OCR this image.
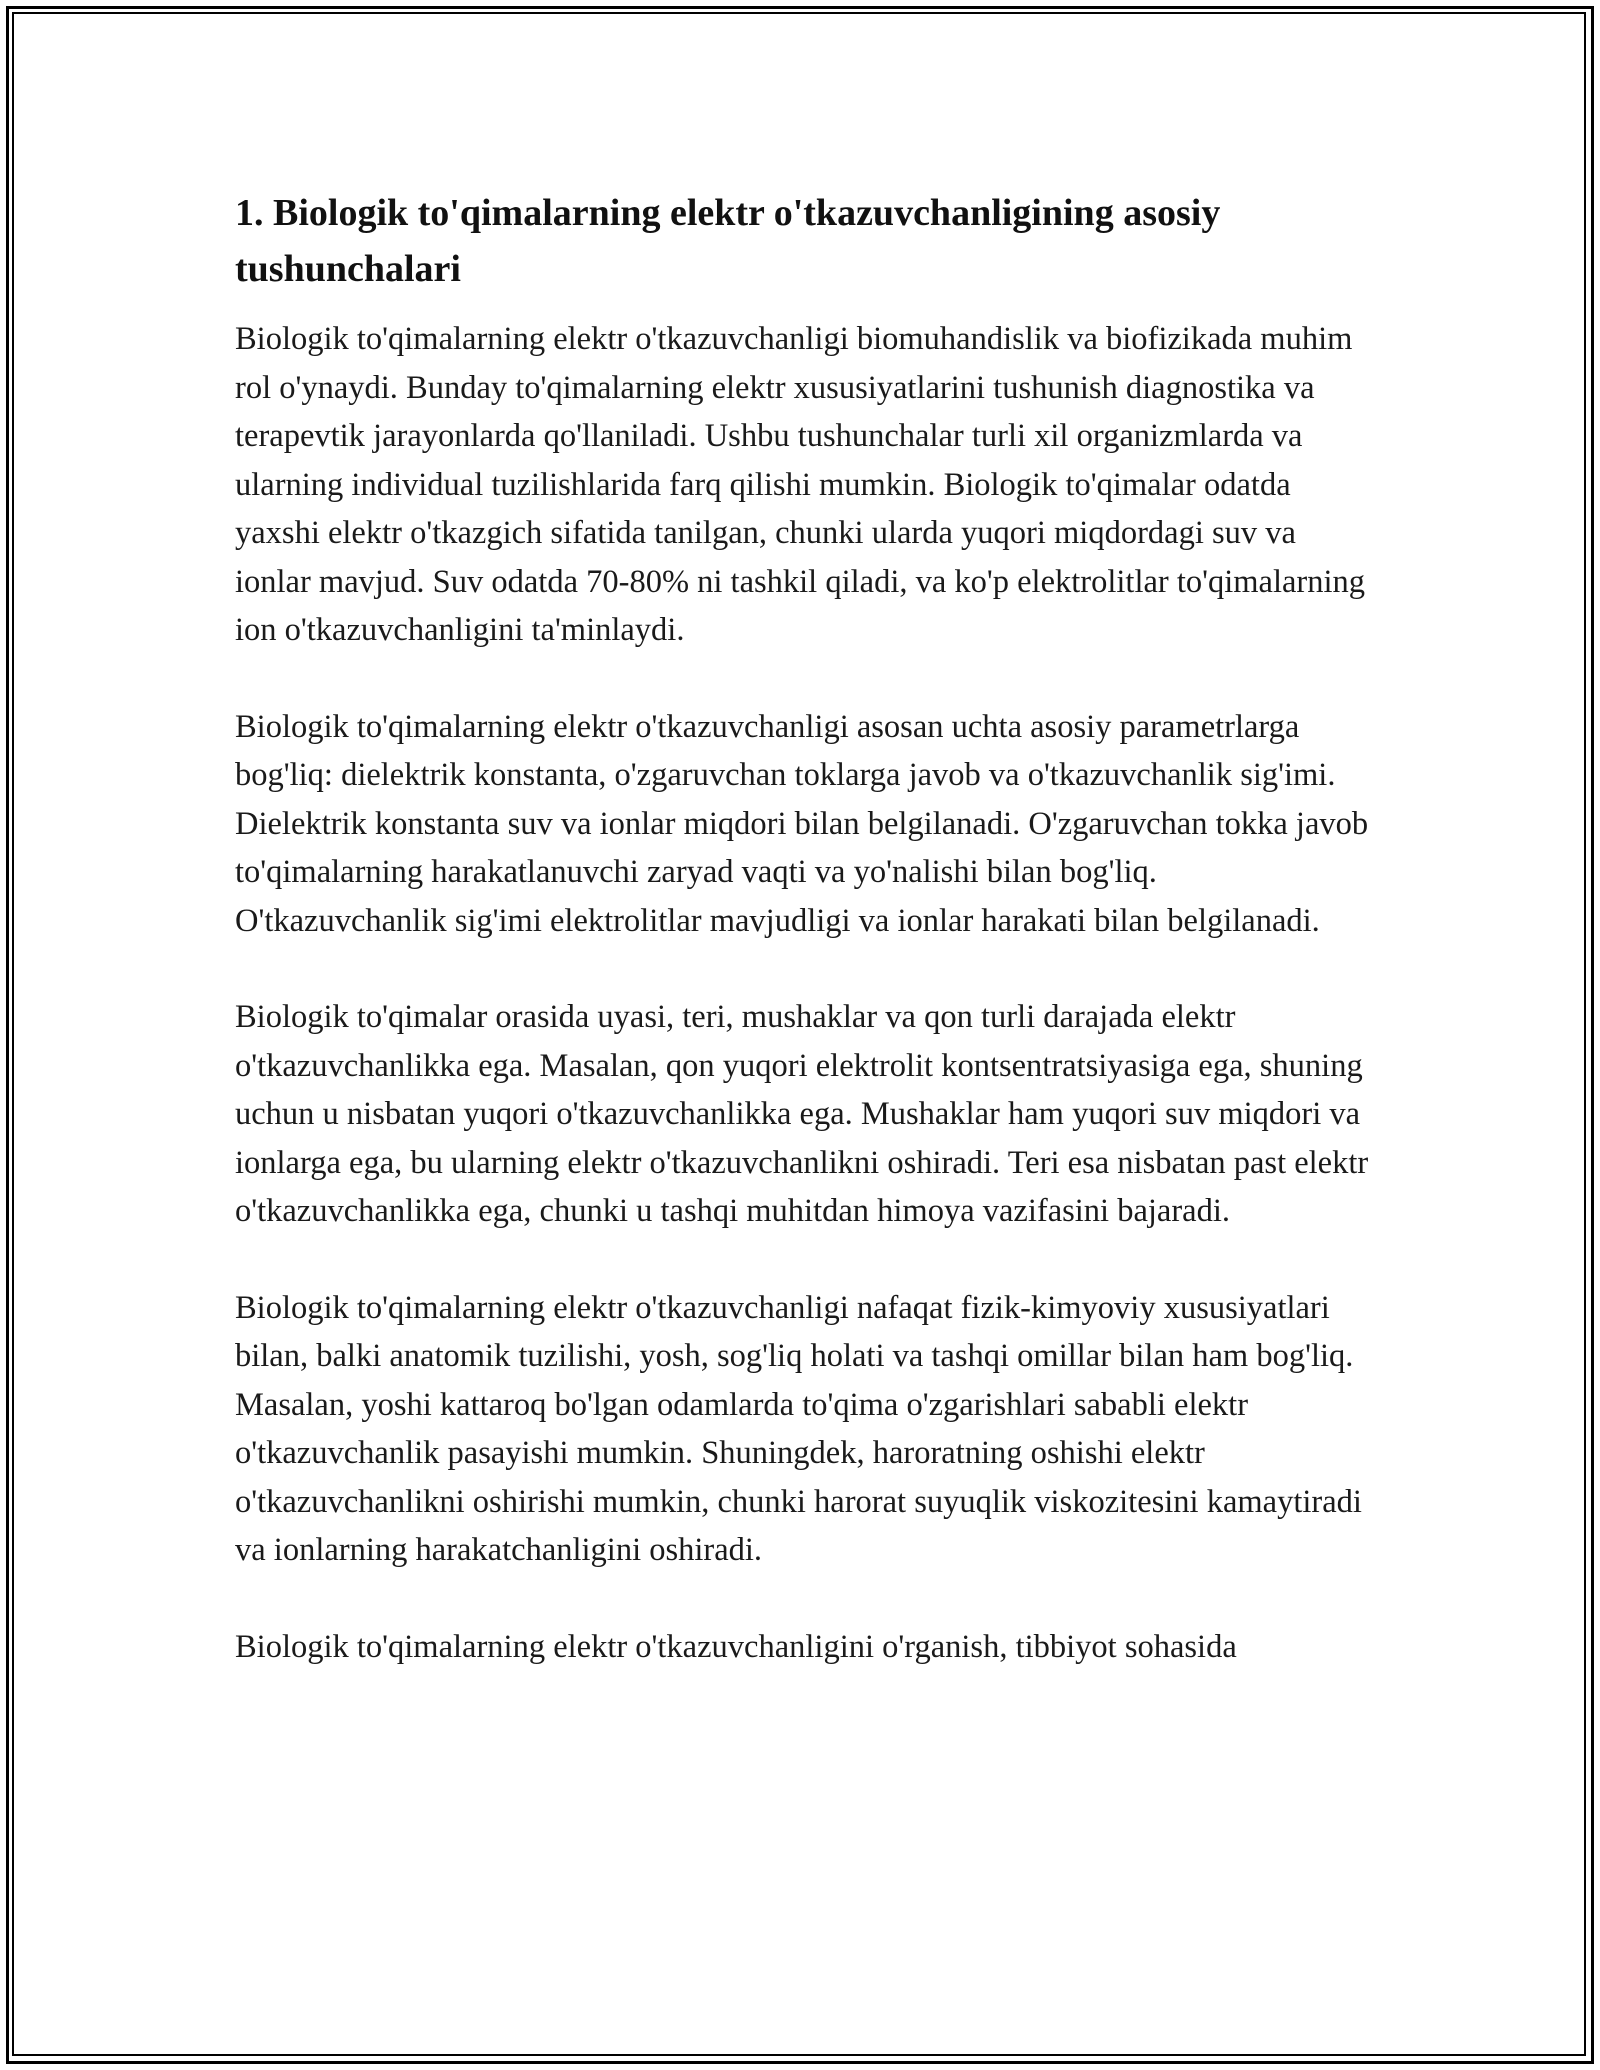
1. Biologik to'qimalarning elektr o'tkazuvchanligining asosiy tushunchalari

Biologik to'qimalarning elektr o'tkazuvchanligi biomuhandislik va biofizikada muhim rol o'ynaydi. Bunday to'qimalarning elektr xususiyatlarini tushunish diagnostika va terapevtik jarayonlarda qo'llaniladi. Ushbu tushunchalar turli xil organizmlarda va ularning individual tuzilishlarida farq qilishi mumkin. Biologik to'qimalar odatda yaxshi elektr o'tkazgich sifatida tanilgan, chunki ularda yuqori miqdordagi suv va ionlar mavjud. Suv odatda 70-80% ni tashkil qiladi, va ko'p elektrolitlar to'qimalarning ion o'tkazuvchanligini ta'minlaydi.

Biologik to'qimalarning elektr o'tkazuvchanligi asosan uchta asosiy parametrlarga bog'liq: dielektrik konstanta, o'zgaruvchan toklarga javob va o'tkazuvchanlik sig'imi. Dielektrik konstanta suv va ionlar miqdori bilan belgilanadi. O'zgaruvchan tokka javob to'qimalarning harakatlanuvchi zaryad vaqti va yo'nalishi bilan bog'liq. O'tkazuvchanlik sig'imi elektrolitlar mavjudligi va ionlar harakati bilan belgilanadi.

Biologik to'qimalar orasida uyasi, teri, mushaklar va qon turli darajada elektr o'tkazuvchanlikka ega. Masalan, qon yuqori elektrolit kontsentratsiyasiga ega, shuning uchun u nisbatan yuqori o'tkazuvchanlikka ega. Mushaklar ham yuqori suv miqdori va ionlarga ega, bu ularning elektr o'tkazuvchanlikni oshiradi. Teri esa nisbatan past elektr o'tkazuvchanlikka ega, chunki u tashqi muhitdan himoya vazifasini bajaradi.

Biologik to'qimalarning elektr o'tkazuvchanligi nafaqat fizik-kimyoviy xususiyatlari bilan, balki anatomik tuzilishi, yosh, sog'liq holati va tashqi omillar bilan ham bog'liq. Masalan, yoshi kattaroq bo'lgan odamlarda to'qima o'zgarishlari sababli elektr o'tkazuvchanlik pasayishi mumkin. Shuningdek, haroratning oshishi elektr o'tkazuvchanlikni oshirishi mumkin, chunki harorat suyuqlik viskozitesini kamaytiradi va ionlarning harakatchanligini oshiradi.

Biologik to'qimalarning elektr o'tkazuvchanligini o'rganish, tibbiyot sohasida
